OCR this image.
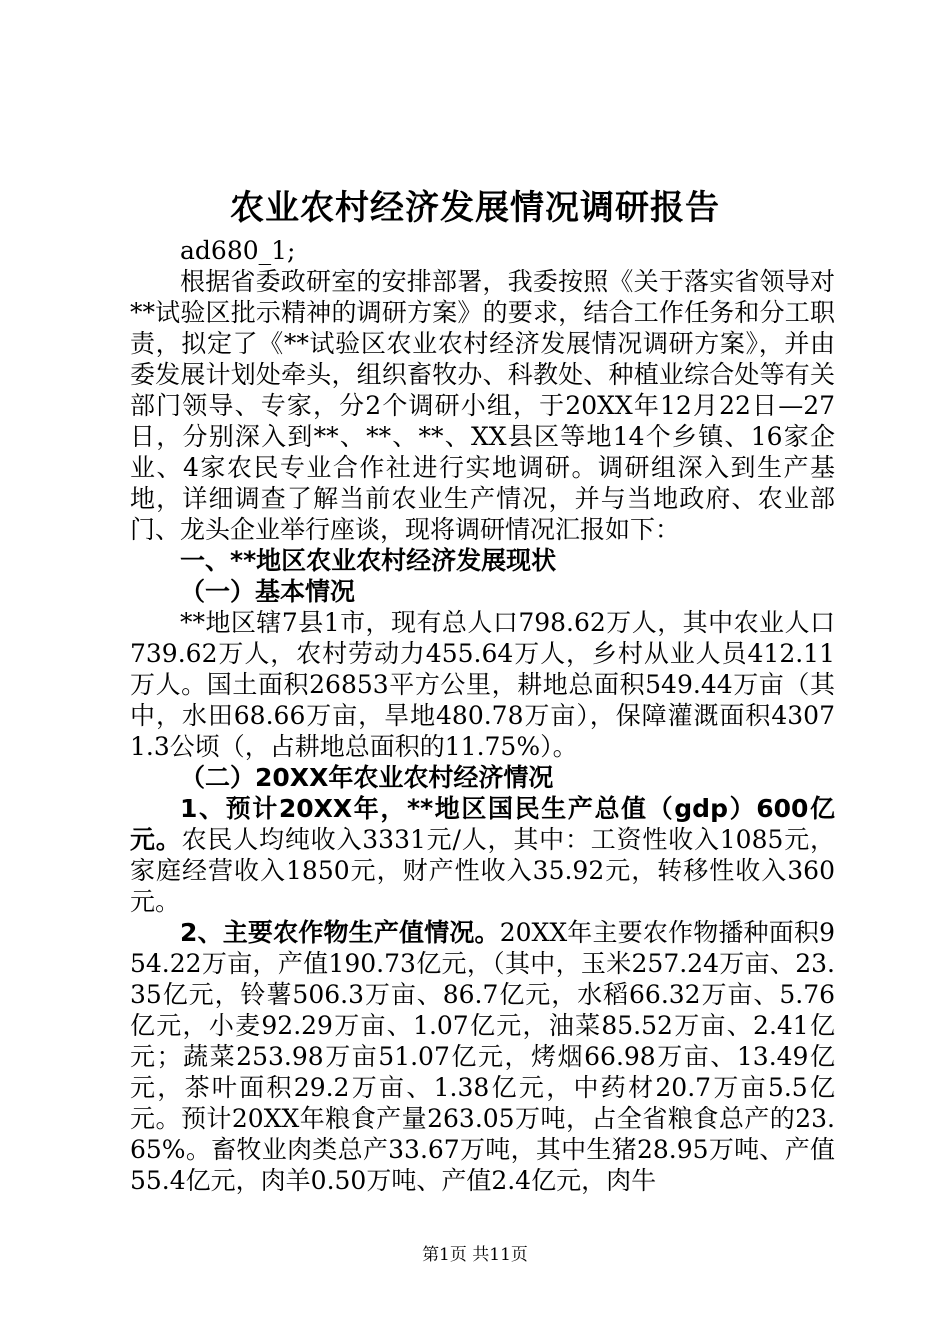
农业农村经济发展情况调研报告

ad680_1;

根据省委政研室的安排部署，我委按照《关于落实省领导对**试验区批示精神的调研方案》的要求，结合工作任务和分工职责，拟定了《**试验区农业农村经济发展情况调研方案》，并由委发展计划处牵头，组织畜牧办、科教处、种植业综合处等有关部门领导、专家，分2个调研小组，于20XX年12月22日—27日，分别深入到**、**、**、XX县区等地14个乡镇、16家企业、4家农民专业合作社进行实地调研。调研组深入到生产基地，详细调查了解当前农业生产情况，并与当地政府、农业部门、龙头企业举行座谈，现将调研情况汇报如下：

一、**地区农业农村经济发展现状

（一）基本情况

**地区辖7县1市，现有总人口798.62万人，其中农业人口739.62万人，农村劳动力455.64万人，乡村从业人员412.11万人。国土面积26853平方公里，耕地总面积549.44万亩（其中，水田68.66万亩，旱地480.78万亩），保障灌溉面积43071.3公顷（，占耕地总面积的11.75%）。

（二）20XX年农业农村经济情况

1、预计20XX年，**地区国民生产总值（gdp）600亿元。农民人均纯收入3331元/人，其中：工资性收入1085元，家庭经营收入1850元，财产性收入35.92元，转移性收入360元。

2、主要农作物生产值情况。20XX年主要农作物播种面积954.22万亩，产值190.73亿元，（其中，玉米257.24万亩、23.35亿元，铃薯506.3万亩、86.7亿元，水稻66.32万亩、5.76亿元，小麦92.29万亩、1.07亿元，油菜85.52万亩、2.41亿元；蔬菜253.98万亩51.07亿元，烤烟66.98万亩、13.49亿元，茶叶面积29.2万亩、1.38亿元，中药材20.7万亩5.5亿元。预计20XX年粮食产量263.05万吨，占全省粮食总产的23.65%。畜牧业肉类总产33.67万吨，其中生猪28.95万吨、产值55.4亿元，肉羊0.50万吨、产值2.4亿元，肉牛

第1页 共11页
